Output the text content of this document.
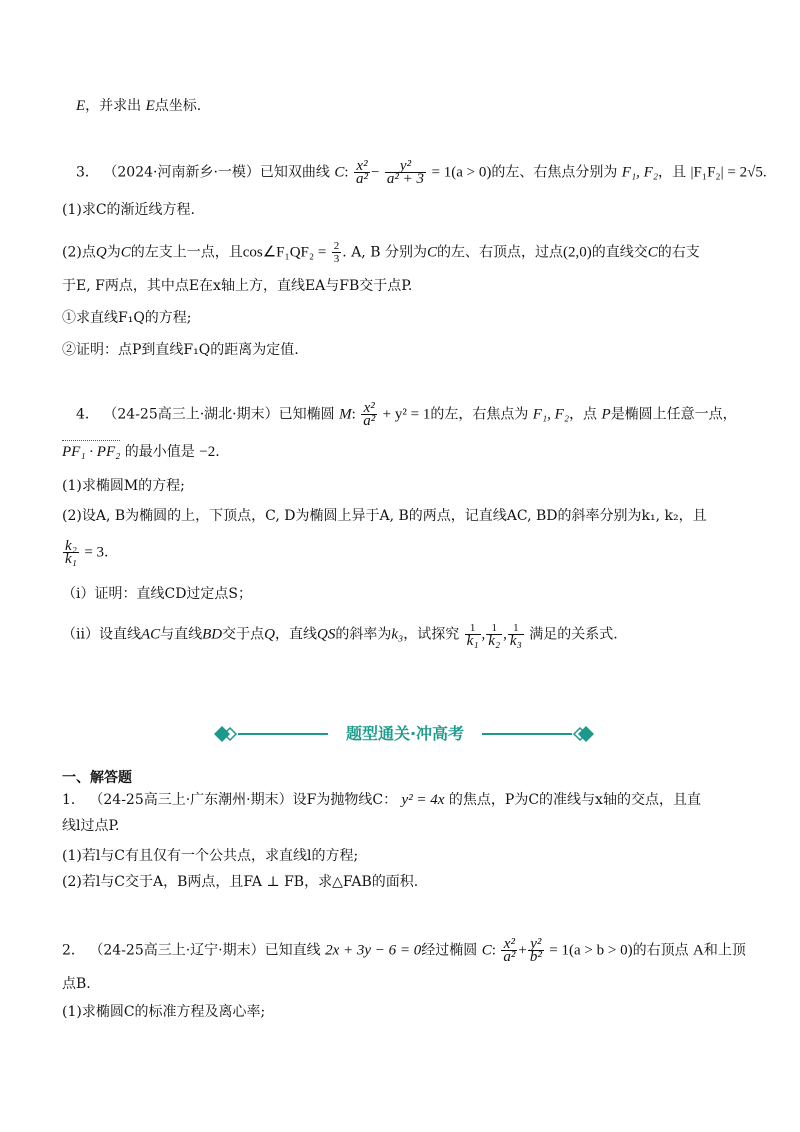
E，并求出 E点坐标.
3． （2024·河南新乡·一模）已知双曲线 C: $\frac{\text{x²}}{\text{a²}} - \frac{\text{y²}}{\text{a² + 3}} = 1(a > 0)$的左、右焦点分别为 F₁, F₂，且 |F₁F₂| = 2√5.
(1)求C的渐近线方程.
(2)点Q为C的左支上一点，且cos∠F₁QF₂ = $\frac{2}{3}$ . A, B 分别为C的左、右顶点，过点(2,0)的直线交C的右支
于E, F两点，其中点E在x轴上方，直线EA与FB交于点P.
①求直线F₁Q的方程;
②证明：点P到直线F₁Q的距离为定值.
4． （24-25高三上·湖北·期末）已知椭圆 M: $\frac{\text{x²}}{\text{a²}} + y^2 = 1$的左，右焦点为 F₁, F₂，点 P是椭圆上任意一点，
PF₁ · PF₂ 的最小值是 −2.
(1)求椭圆M的方程;
(2)设A, B为椭圆的上，下顶点，C, D为椭圆上异于A, B的两点，记直线AC, BD的斜率分别为k₁, k₂，且
$\frac{\text{k₂}}{\text{k₁}} = 3$.
（ⅰ）证明：直线CD过定点S；
（ⅱ）设直线AC与直线BD交于点Q，直线QS的斜率为k₃，试探究 $\frac{1}{\text{k₁}}$ , $\frac{1}{\text{k₂}}$ , $\frac{1}{\text{k₃}}$ 满足的关系式.
题型通关·冲高考
一、解答题
1． （24-25高三上·广东潮州·期末）设F为抛物线C： y² = 4x 的焦点，P为C的准线与x轴的交点，且直
线l过点P.
(1)若l与C有且仅有一个公共点，求直线l的方程;
(2)若l与C交于A，B两点，且FA ⊥ FB，求△FAB的面积.
2． （24-25高三上·辽宁·期末）已知直线 2x + 3y − 6 = 0经过椭圆 C: $\frac{\text{x²}}{\text{a²}} + \frac{\text{y²}}{\text{b²}} = 1(a > b > 0)$的右顶点 A和上顶
点B.
(1)求椭圆C的标准方程及离心率;
